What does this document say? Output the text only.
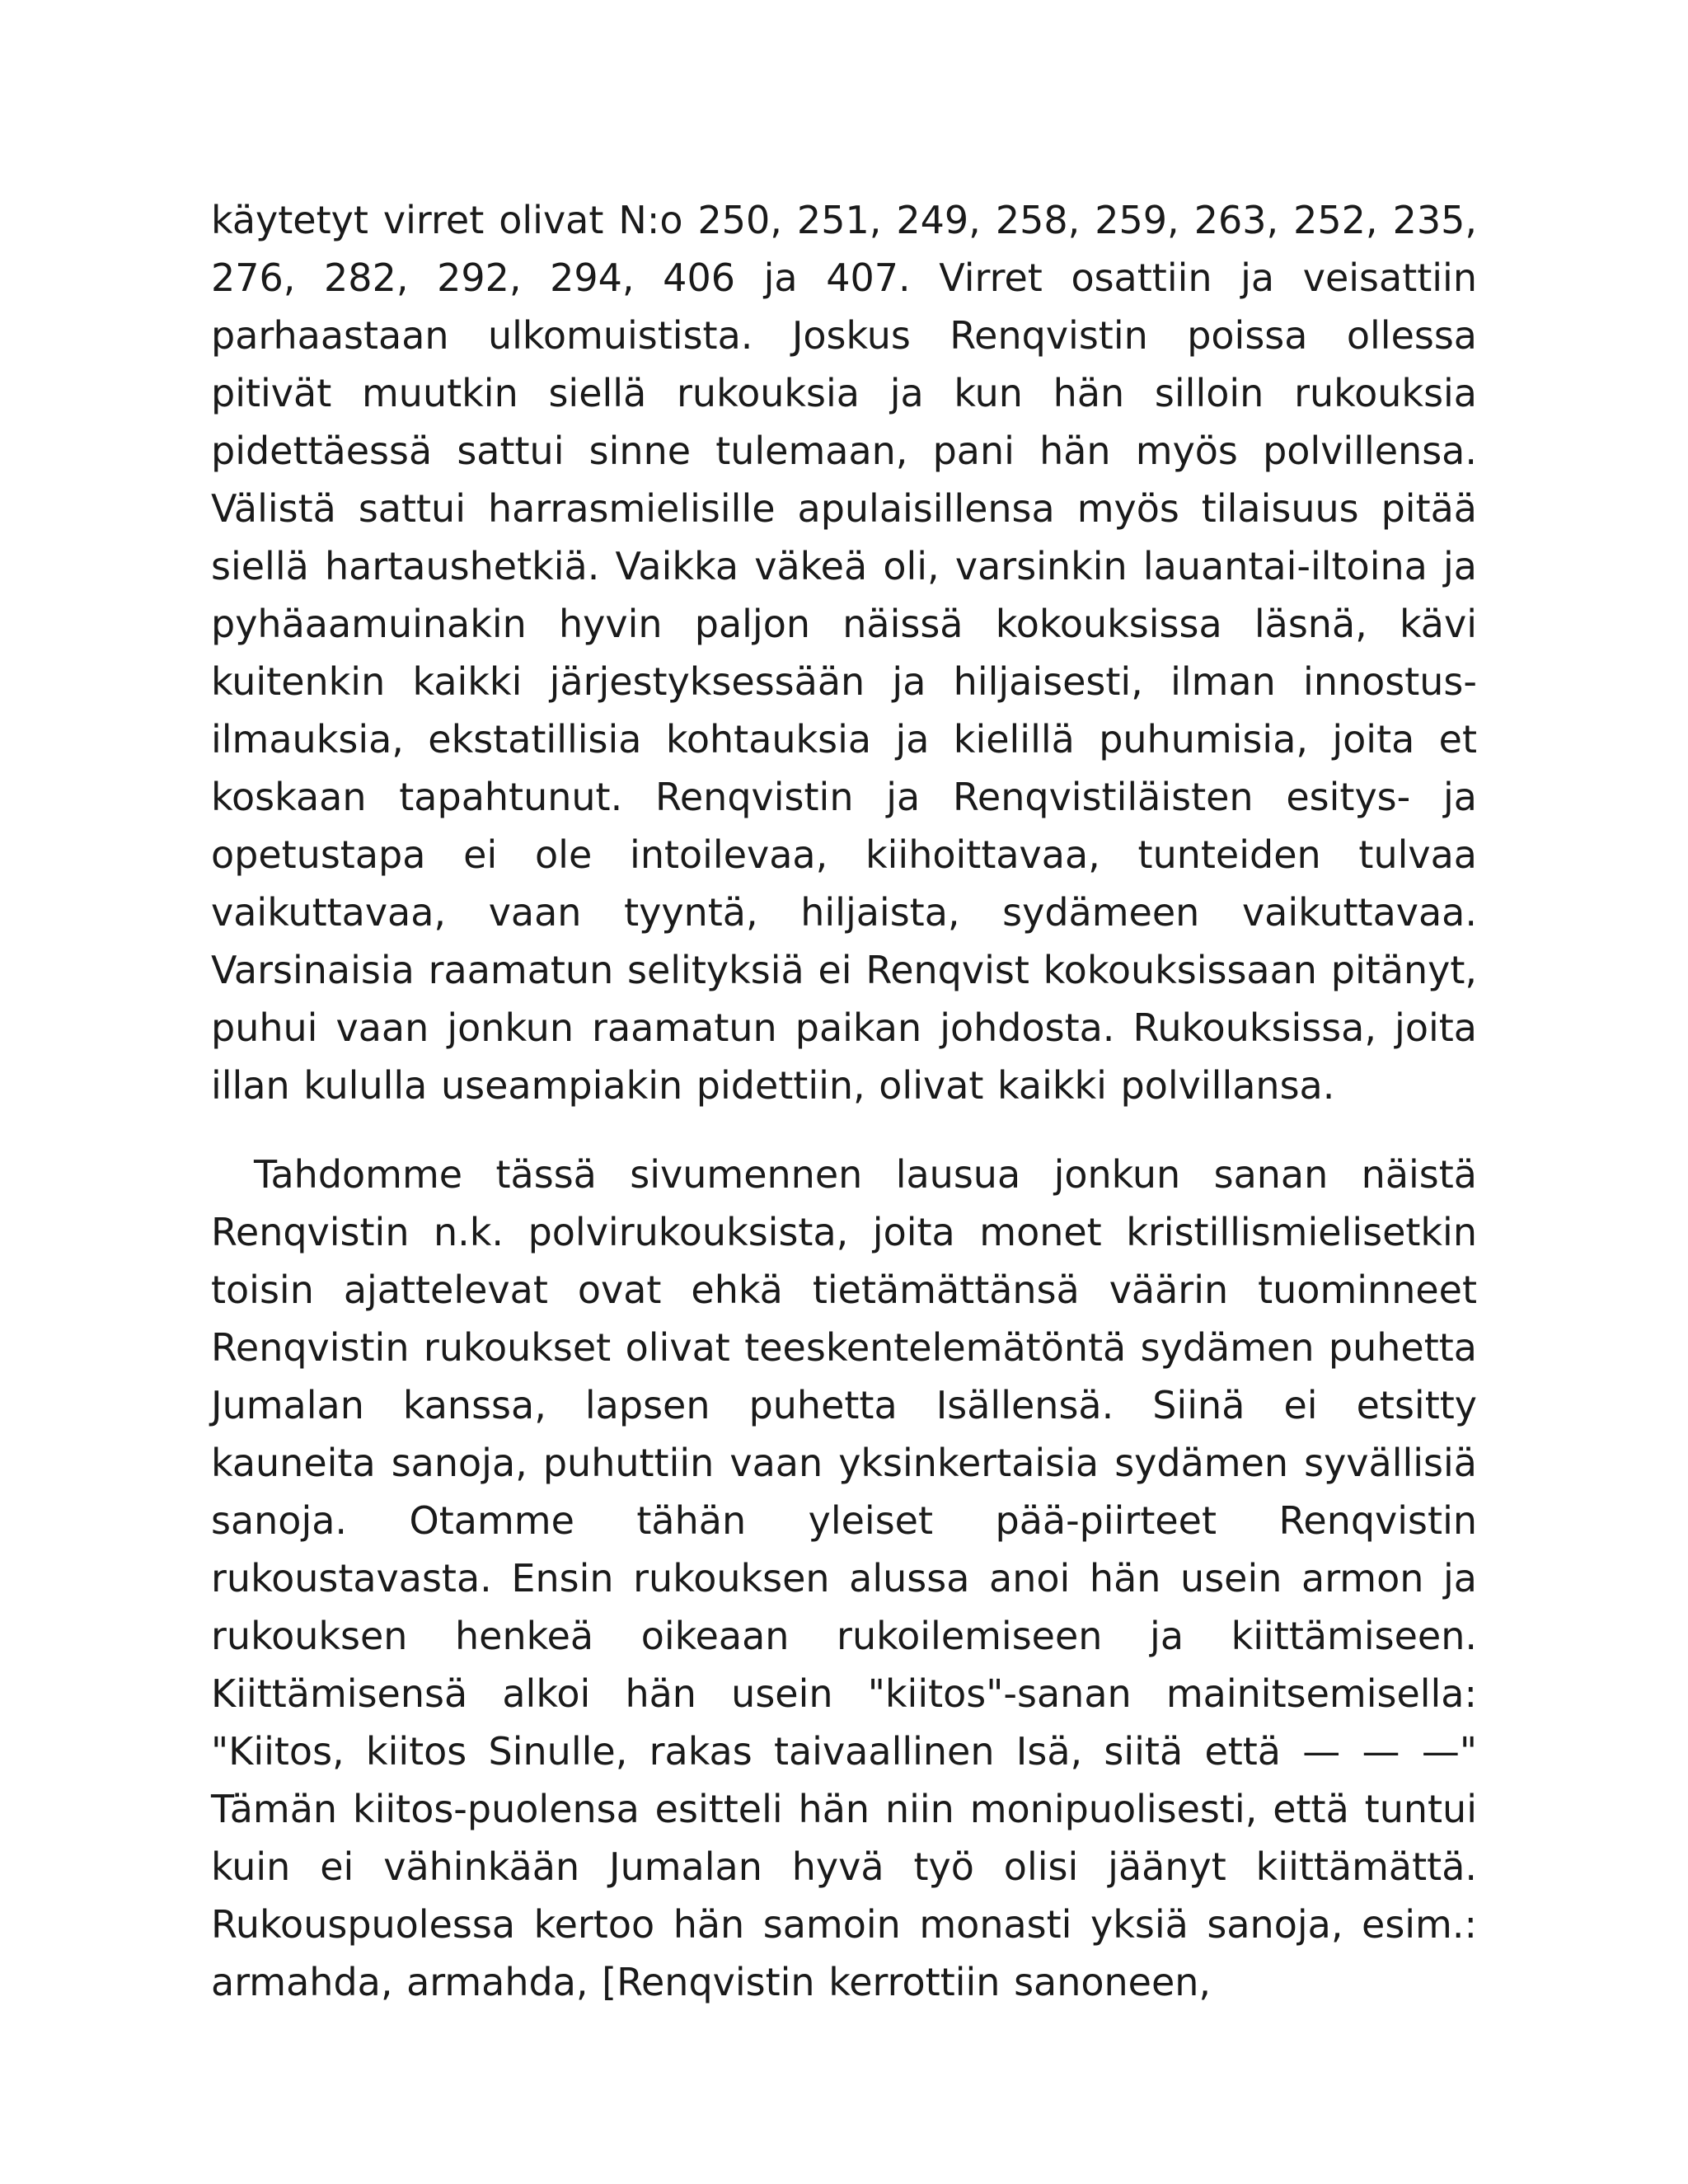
käytetyt virret olivat N:o 250, 251, 249, 258, 259, 263, 252, 235, 276, 282, 292, 294, 406 ja 407. Virret osattiin ja veisattiin parhaastaan ulkomuistista. Joskus Renqvistin poissa ollessa pitivät muutkin siellä rukouksia ja kun hän silloin rukouksia pidettäessä sattui sinne tulemaan, pani hän myös polvillensa. Välistä sattui harrasmielisille apulaisillensa myös tilaisuus pitää siellä hartaushetkiä. Vaikka väkeä oli, varsinkin lauantai-iltoina ja pyhäaamuinakin hyvin paljon näissä kokouksissa läsnä, kävi kuitenkin kaikki järjestyksessään ja hiljaisesti, ilman innostus-ilmauksia, ekstatillisia kohtauksia ja kielillä puhumisia, joita et koskaan tapahtunut. Renqvistin ja Renqvistiläisten esitys- ja opetustapa ei ole intoilevaa, kiihoittavaa, tunteiden tulvaa vaikuttavaa, vaan tyyntä, hiljaista, sydämeen vaikuttavaa. Varsinaisia raamatun selityksiä ei Renqvist kokouksissaan pitänyt, puhui vaan jonkun raamatun paikan johdosta. Rukouksissa, joita illan kululla useampiakin pidettiin, olivat kaikki polvillansa.

Tahdomme tässä sivumennen lausua jonkun sanan näistä Renqvistin n.k. polvirukouksista, joita monet kristillismielisetkin toisin ajattelevat ovat ehkä tietämättänsä väärin tuominneet Renqvistin rukoukset olivat teeskentelemätöntä sydämen puhetta Jumalan kanssa, lapsen puhetta Isällensä. Siinä ei etsitty kauneita sanoja, puhuttiin vaan yksinkertaisia sydämen syvällisiä sanoja. Otamme tähän yleiset pää-piirteet Renqvistin rukoustavasta. Ensin rukouksen alussa anoi hän usein armon ja rukouksen henkeä oikeaan rukoilemiseen ja kiittämiseen. Kiittämisensä alkoi hän usein "kiitos"-sanan mainitsemisella: "Kiitos, kiitos Sinulle, rakas taivaallinen Isä, siitä että — — —" Tämän kiitos-puolensa esitteli hän niin monipuolisesti, että tuntui kuin ei vähinkään Jumalan hyvä työ olisi jäänyt kiittämättä. Rukouspuolessa kertoo hän samoin monasti yksiä sanoja, esim.: armahda, armahda, [Renqvistin kerrottiin sanoneen,
